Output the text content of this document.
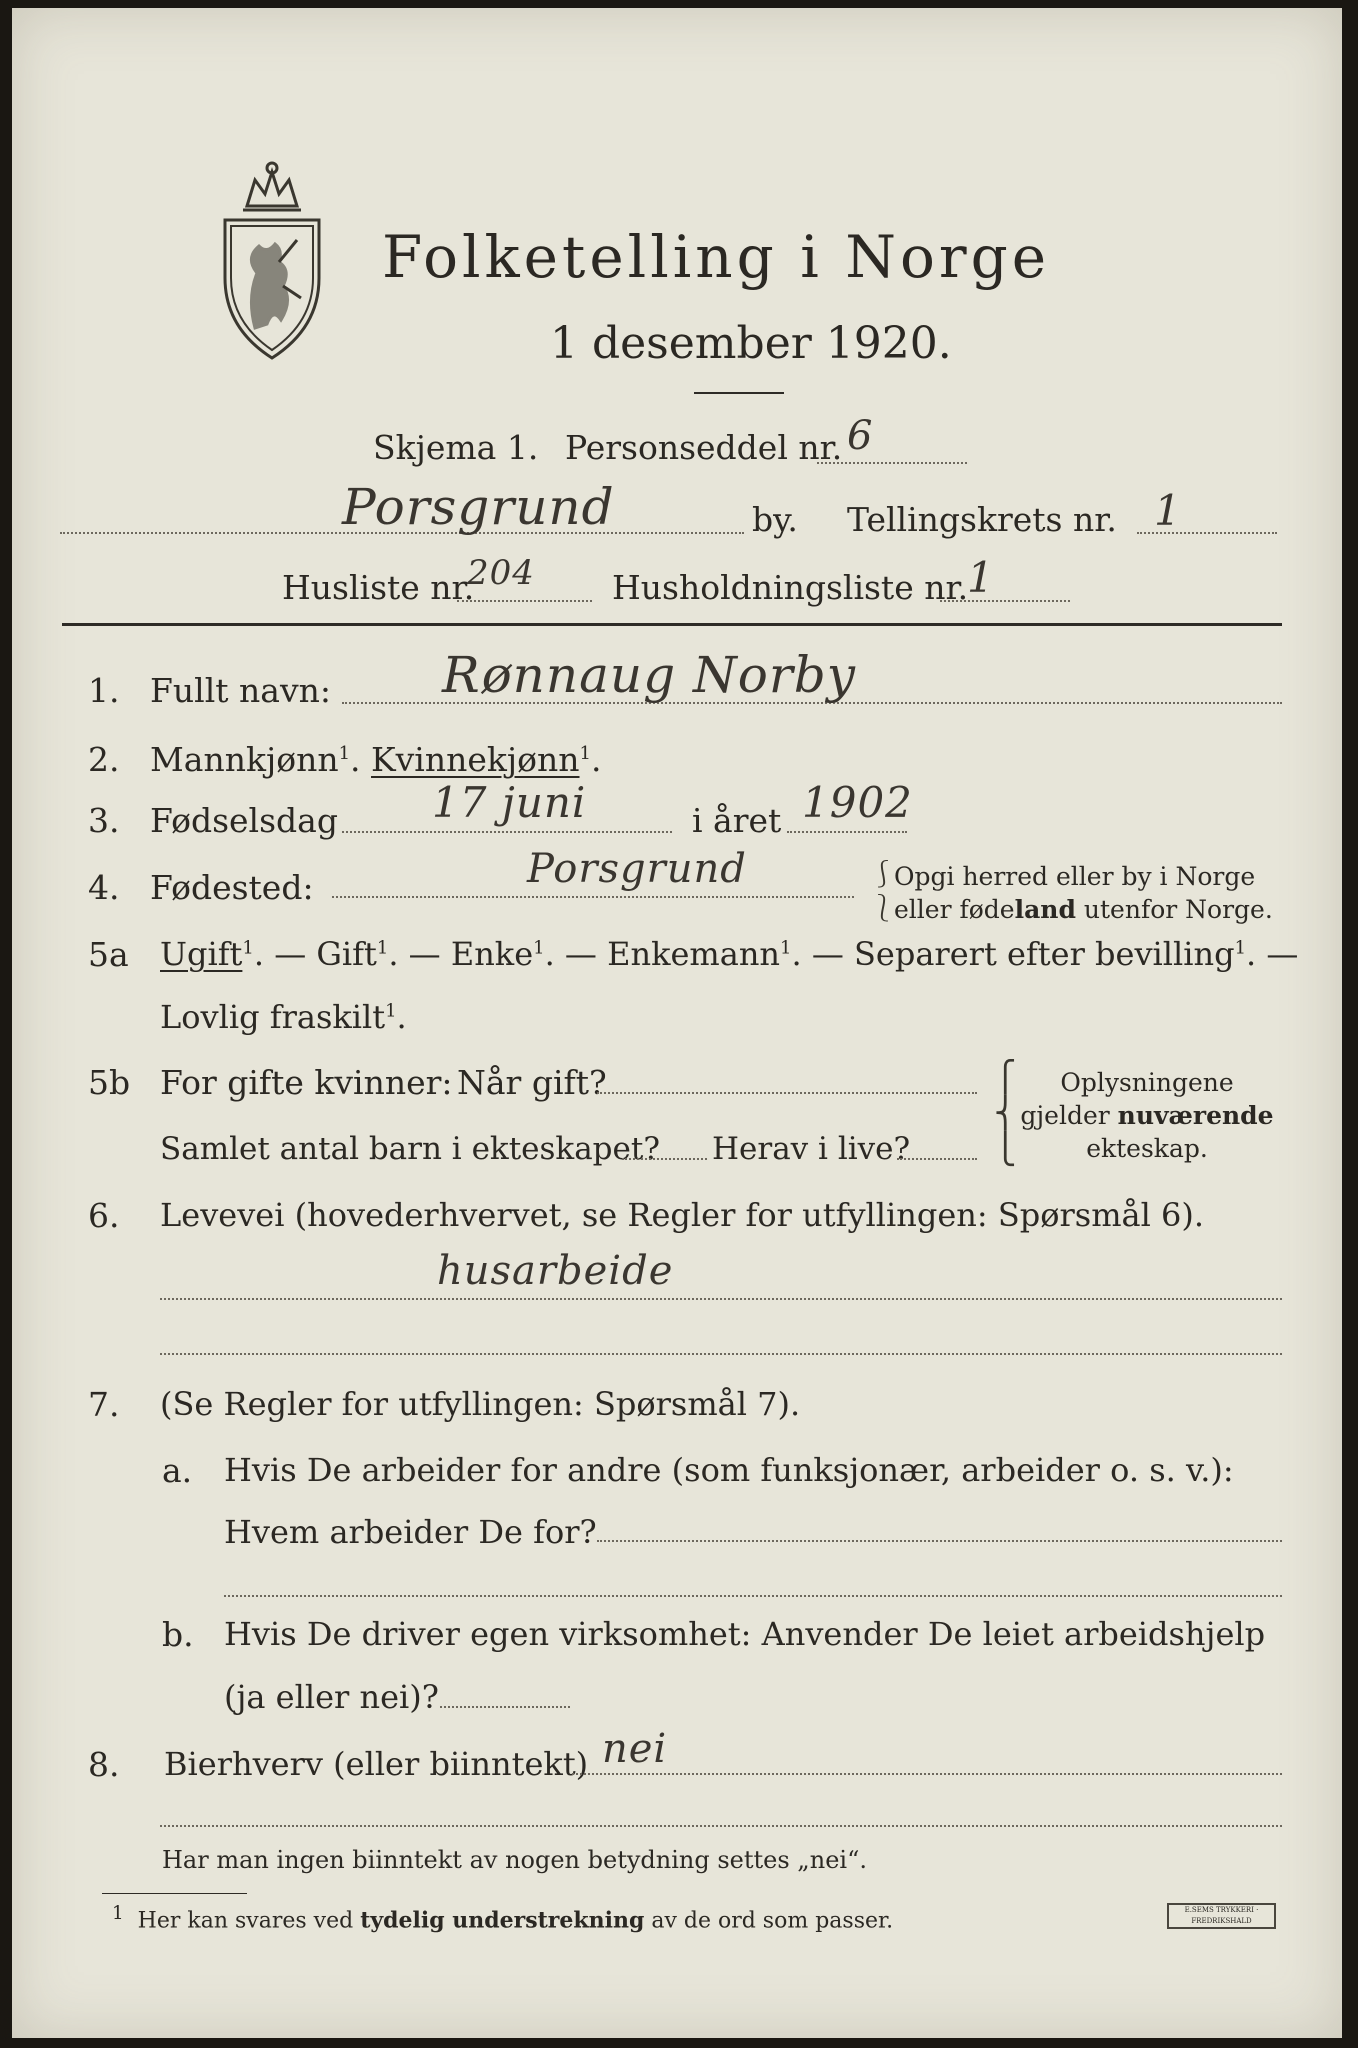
Folketelling i Norge
1 desember 1920.
Skjema 1. Personseddel nr. 6
Porsgrund	by. Tellingskrets nr. 1
Husliste nr.
204 Husholdningsliste nr.
1
1. Fullt navn: Rønnaug Norby
2. Mannkjønn$^1$. Kvinnekjønn$^1$.
3. Fødselsdag 17 juni	i året 1902
4. Fødested:	Porsgrund	⎰
⎱
Opgi herred eller by i Norge
eller fødeland utenfor Norge.
5a Ugift$^1$. — Gift$^1$. — Enke$^1$. — Enkemann$^1$. — Separert efter bevilling$^1$. —
Lovlig fraskilt$^1$.
5b For gifte kvinner: Når gift?
Samlet antal barn i ekteskapet? Herav i live?
⎧
⎨
⎩
Oplysningene
gjelder nuværende
ekteskap.
6. Levevei (hovederhvervet, se Regler for utfyllingen: Spørsmål 6).
husarbeide
7. (Se Regler for utfyllingen: Spørsmål 7).
a. Hvis De arbeider for andre (som funksjonær, arbeider o. s. v.):
Hvem arbeider De for?
b. Hvis De driver egen virksomhet: Anvender De leiet arbeidshjelp
(ja eller nei)?
8. Bierhverv (eller biinntekt) nei
Har man ingen biinntekt av nogen betydning settes „nei“.
$^1$ Her kan svares ved tydelig understrekning av de ord som passer.	E.SEMS TRYKKERI · FREDRIKSHALD
